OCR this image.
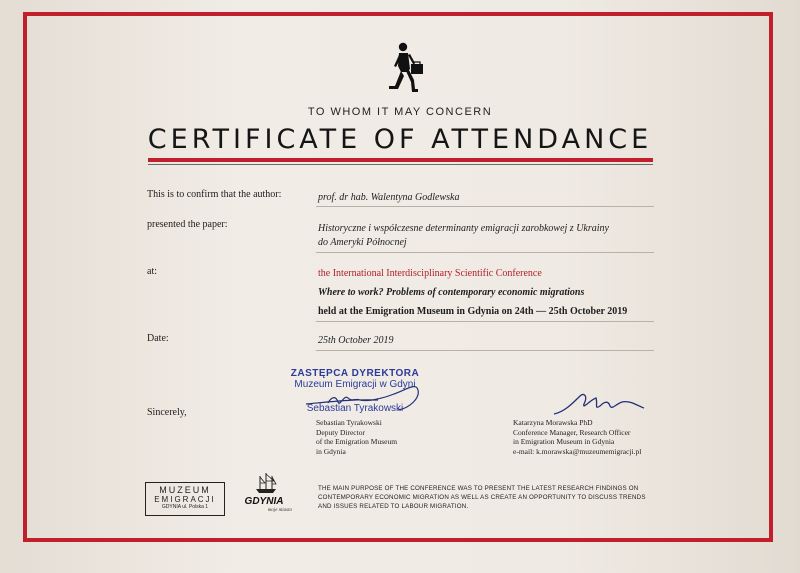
TO WHOM IT MAY CONCERN
CERTIFICATE OF ATTENDANCE
This is to confirm that the author:	prof. dr hab. Walentyna Godlewska
presented the paper:	Historyczne i współczesne determinanty emigracji zarobkowej z Ukrainy
do Ameryki Północnej
at:	the International Interdisciplinary Scientific Conference
Where to work? Problems of contemporary economic migrations
held at the Emigration Museum in Gdynia on 24th — 25th October 2019
Date:	25th October 2019
Sincerely,
ZASTĘPCA DYREKTORA
Muzeum Emigracji w Gdyni
Sebastian Tyrakowski
Sebastian Tyrakowski
Deputy Director
of the Emigration Museum
in Gdynia
Katarzyna Morawska PhD
Conference Manager, Research Officer
in Emigration Museum in Gdynia
e-mail: k.morawska@muzeumemigracji.pl
MUZEUM
EMIGRACJI
GDYNIA ul. Polska 1	GDYNIA
moje miasto
THE MAIN PURPOSE OF THE CONFERENCE WAS TO PRESENT THE LATEST RESEARCH FINDINGS ON CONTEMPORARY ECONOMIC MIGRATION AS WELL AS CREATE AN OPPORTUNITY TO DISCUSS TRENDS AND ISSUES RELATED TO LABOUR MIGRATION.
